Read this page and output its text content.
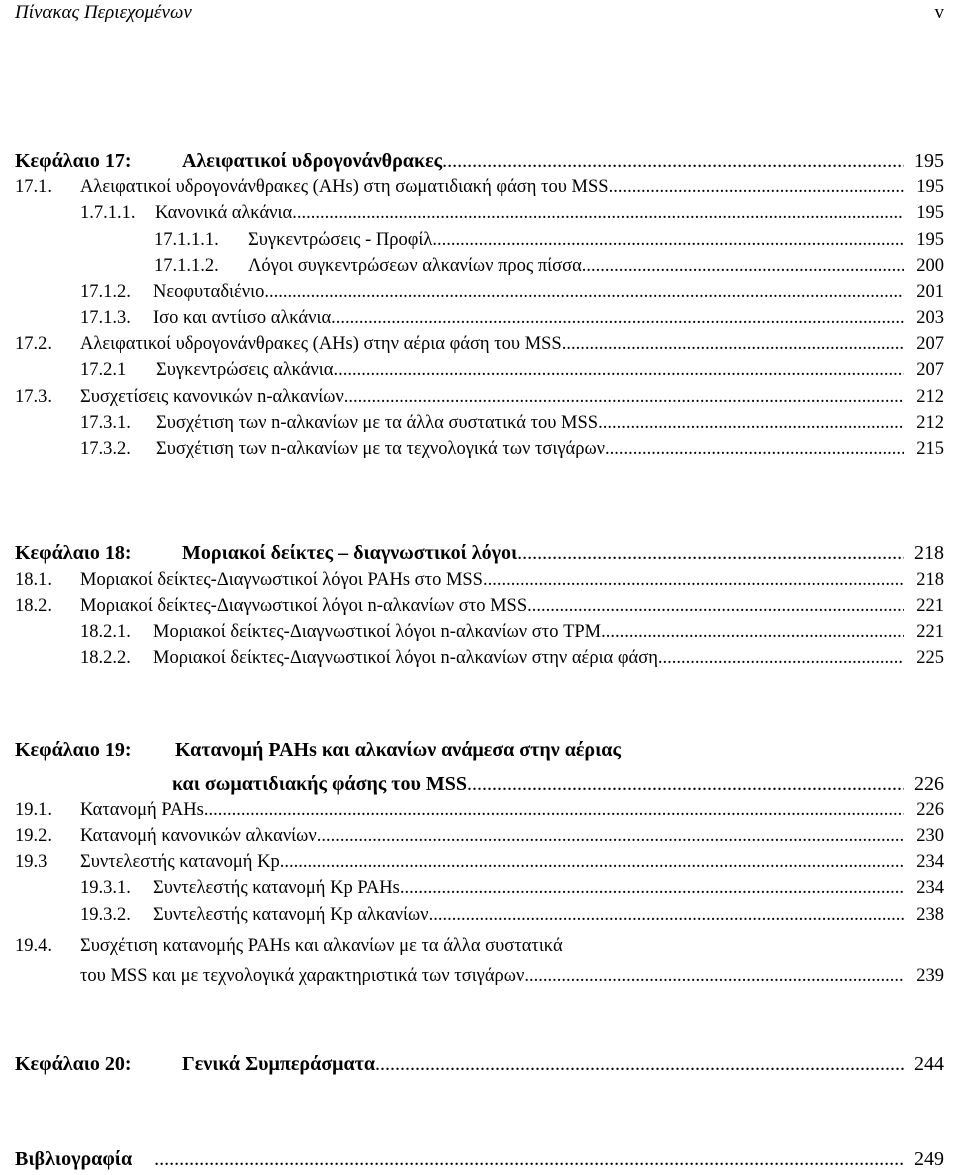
Πίνακας Περιεχομένων	v
Κεφάλαιο 17:	Αλειφατικοί υδρογονάνθρακες .....	195
17.1. Αλειφατικοί υδρογονάνθρακες (AHs) στη σωματιδιακή φάση του MSS .....	195
1.7.1.1. Κανονικά αλκάνια .....	195
17.1.1.1. Συγκεντρώσεις - Προφίλ .....	195
17.1.1.2. Λόγοι συγκεντρώσεων αλκανίων προς πίσσα .....	200
17.1.2. Νεοφυταδιένιο .....	201
17.1.3. Ισο και αντίισο αλκάνια .....	203
17.2. Αλειφατικοί υδρογονάνθρακες (AHs) στην αέρια φάση του MSS .....	207
17.2.1 Συγκεντρώσεις αλκάνια .....	207
17.3. Συσχετίσεις κανονικών n-αλκανίων .....	212
17.3.1. Συσχέτιση των n-αλκανίων με τα άλλα συστατικά του MSS .....	212
17.3.2. Συσχέτιση των n-αλκανίων με τα τεχνολογικά των τσιγάρων .....	215
Κεφάλαιο 18:	Μοριακοί δείκτες – διαγνωστικοί λόγοι .....	218
18.1. Μοριακοί δείκτες-Διαγνωστικοί λόγοι PAHs στο MSS .....	218
18.2. Μοριακοί δείκτες-Διαγνωστικοί λόγοι n-αλκανίων στο MSS .....	221
18.2.1. Μοριακοί δείκτες-Διαγνωστικοί λόγοι n-αλκανίων στο TPM .....	221
18.2.2. Μοριακοί δείκτες-Διαγνωστικοί λόγοι n-αλκανίων στην αέρια φάση .....	225
Κεφάλαιο 19: Κατανομή PAHs και αλκανίων ανάμεσα στην αέριας
και σωματιδιακής φάσης του MSS .....	226
19.1. Κατανομή PAHs .....	226
19.2. Κατανομή κανονικών αλκανίων .....	230
19.3 Συντελεστής κατανομή Kp .....	234
19.3.1. Συντελεστής κατανομή Kp PAHs .....	234
19.3.2. Συντελεστής κατανομή Kp αλκανίων .....	238
19.4. Συσχέτιση κατανομής PAHs και αλκανίων με τα άλλα συστατικά
του MSS και με τεχνολογικά χαρακτηριστικά των τσιγάρων .....	239
Κεφάλαιο 20:	Γενικά Συμπεράσματα .....	244
Βιβλιογραφία .....	249
